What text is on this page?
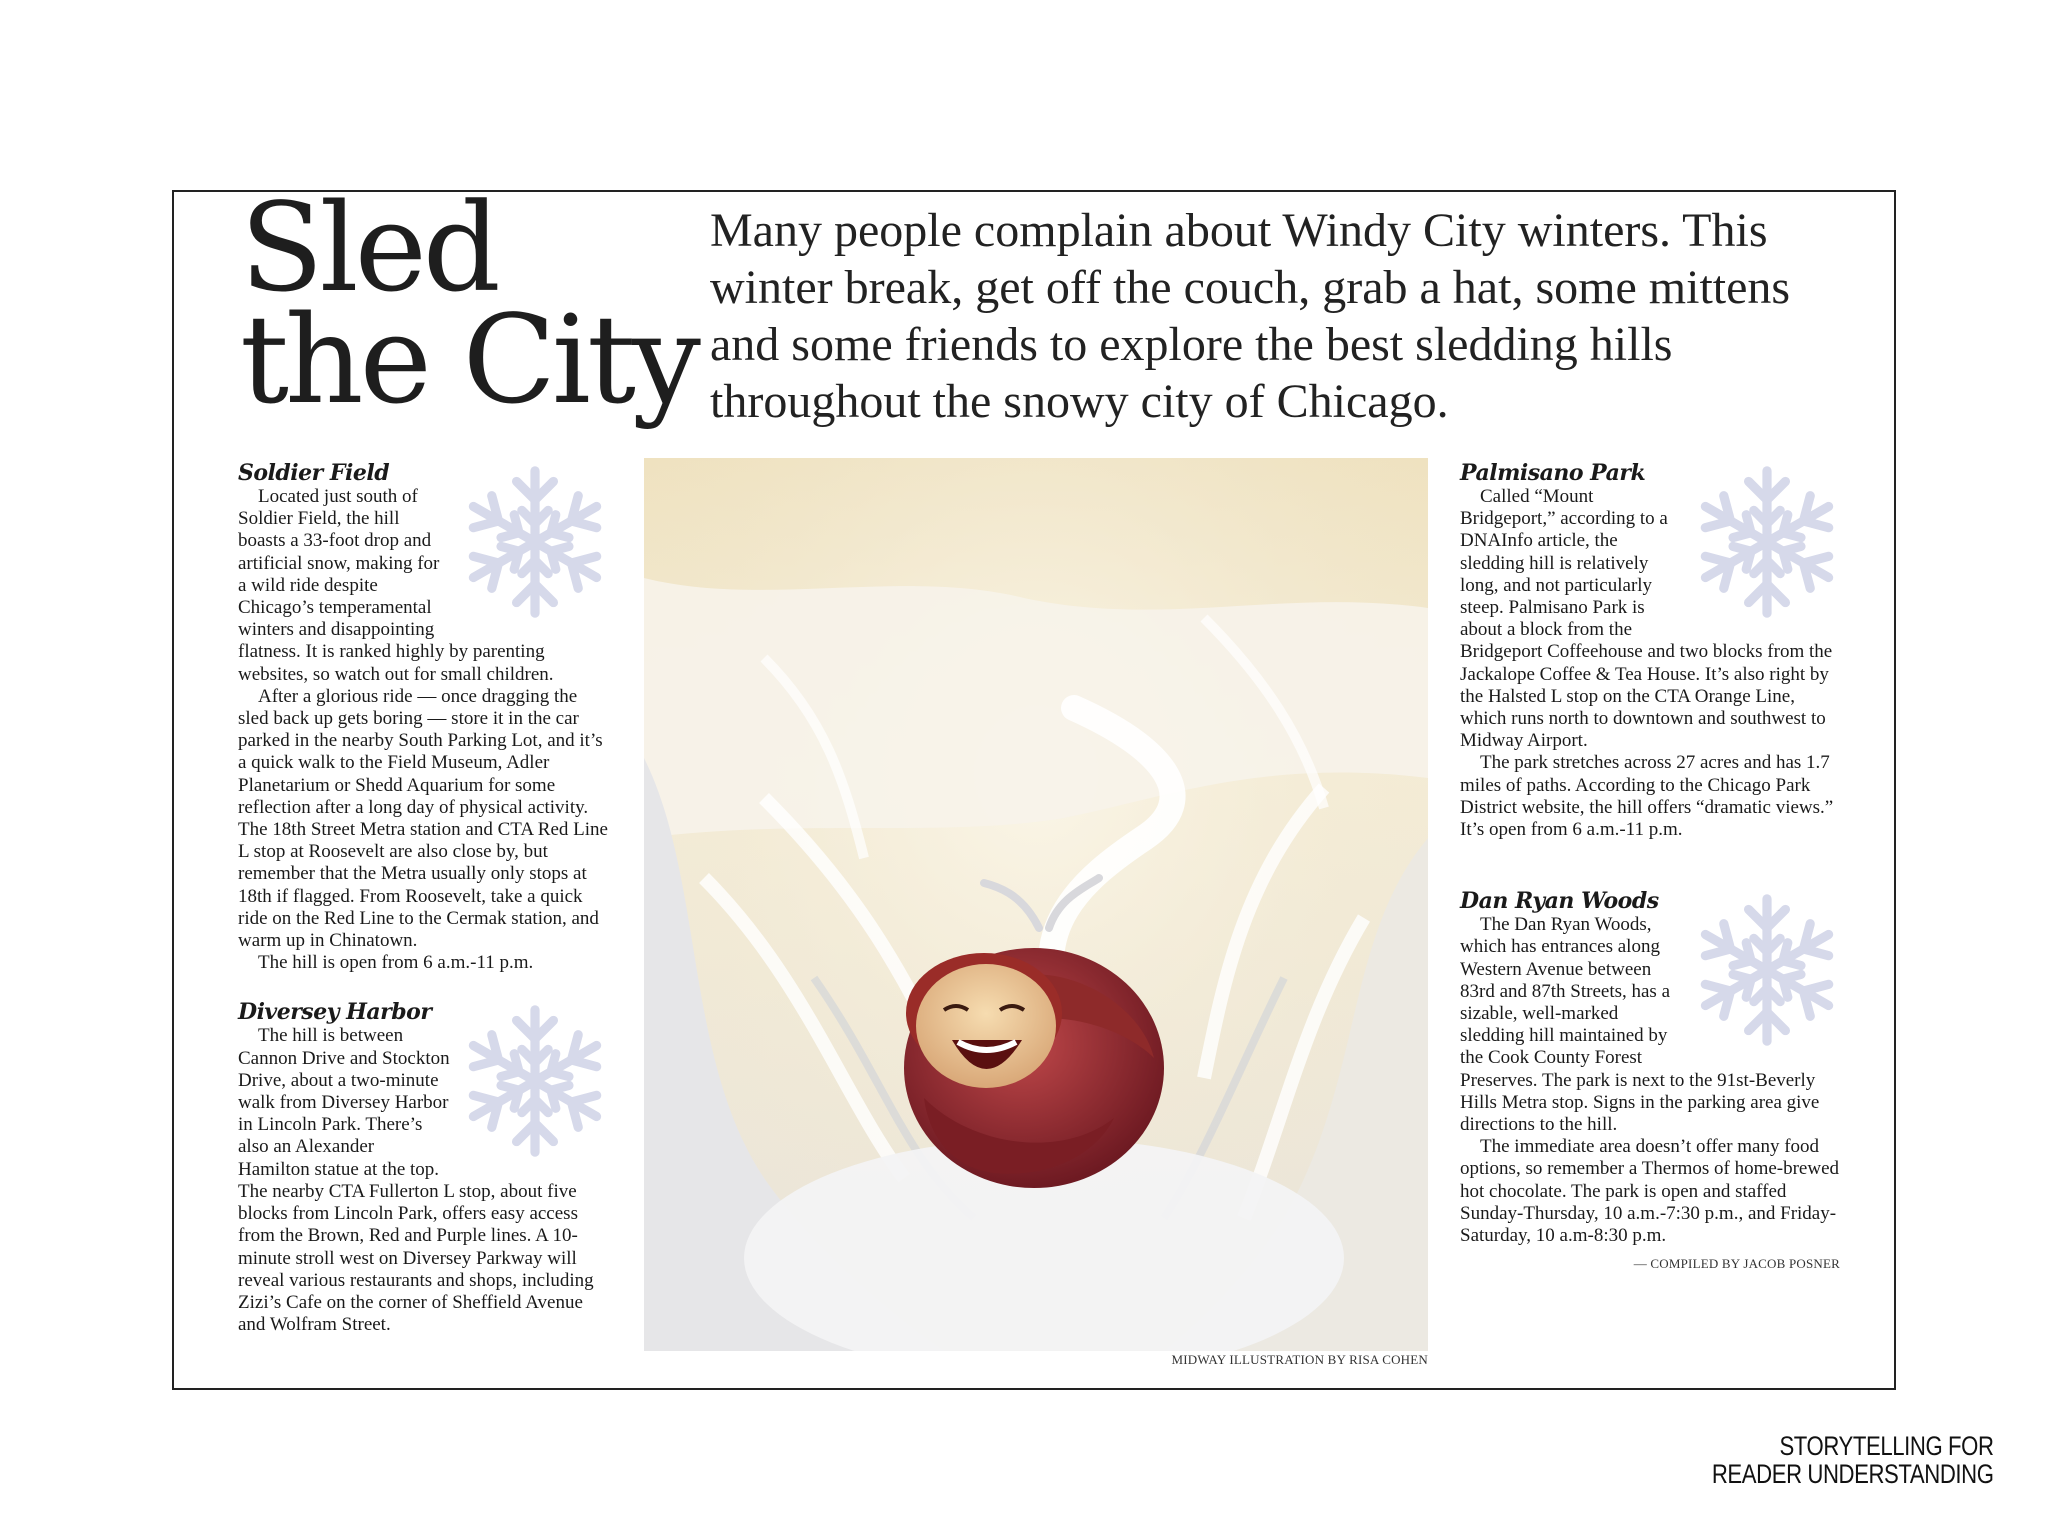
Sled
the City

Many people complain about Windy City winters. This winter break, get off the couch, grab a hat, some mittens and some friends to explore the best sledding hills throughout the snowy city of Chicago.

Soldier Field

Located just south of Soldier Field, the hill boasts a 33-foot drop and artificial snow, making for a wild ride despite Chicago’s temperamental winters and disappointing flatness. It is ranked highly by parenting websites, so watch out for small children.

After a glorious ride — once dragging the sled back up gets boring — store it in the car parked in the nearby South Parking Lot, and it’s a quick walk to the Field Museum, Adler Planetarium or Shedd Aquarium for some reflection after a long day of physical activity. The 18th Street Metra station and CTA Red Line L stop at Roosevelt are also close by, but remember that the Metra usually only stops at 18th if flagged. From Roosevelt, take a quick ride on the Red Line to the Cermak station, and warm up in Chinatown.

The hill is open from 6 a.m.-11 p.m.

Diversey Harbor

The hill is between Cannon Drive and Stockton Drive, about a two-minute walk from Diversey Harbor in Lincoln Park. There’s also an Alexander Hamilton statue at the top. The nearby CTA Fullerton L stop, about five blocks from Lincoln Park, offers easy access from the Brown, Red and Purple lines. A 10-minute stroll west on Diversey Parkway will reveal various restaurants and shops, including Zizi’s Cafe on the corner of Sheffield Avenue and Wolfram Street.

MIDWAY ILLUSTRATION BY RISA COHEN
Palmisano Park

Called “Mount Bridgeport,” according to a DNAInfo article, the sledding hill is relatively long, and not particularly steep. Palmisano Park is about a block from the Bridgeport Coffeehouse and two blocks from the Jackalope Coffee & Tea House. It’s also right by the Halsted L stop on the CTA Orange Line, which runs north to downtown and southwest to Midway Airport.

The park stretches across 27 acres and has 1.7 miles of paths. According to the Chicago Park District website, the hill offers “dramatic views.” It’s open from 6 a.m.-11 p.m.

Dan Ryan Woods

The Dan Ryan Woods, which has entrances along Western Avenue between 83rd and 87th Streets, has a sizable, well-marked sledding hill maintained by the Cook County Forest Preserves. The park is next to the 91st-Beverly Hills Metra stop. Signs in the parking area give directions to the hill.

The immediate area doesn’t offer many food options, so remember a Thermos of home-brewed hot chocolate. The park is open and staffed Sunday-Thursday, 10 a.m.-7:30 p.m., and Friday-Saturday, 10 a.m-8:30 p.m.

— COMPILED BY JACOB POSNER

STORYTELLING FOR
READER UNDERSTANDING
